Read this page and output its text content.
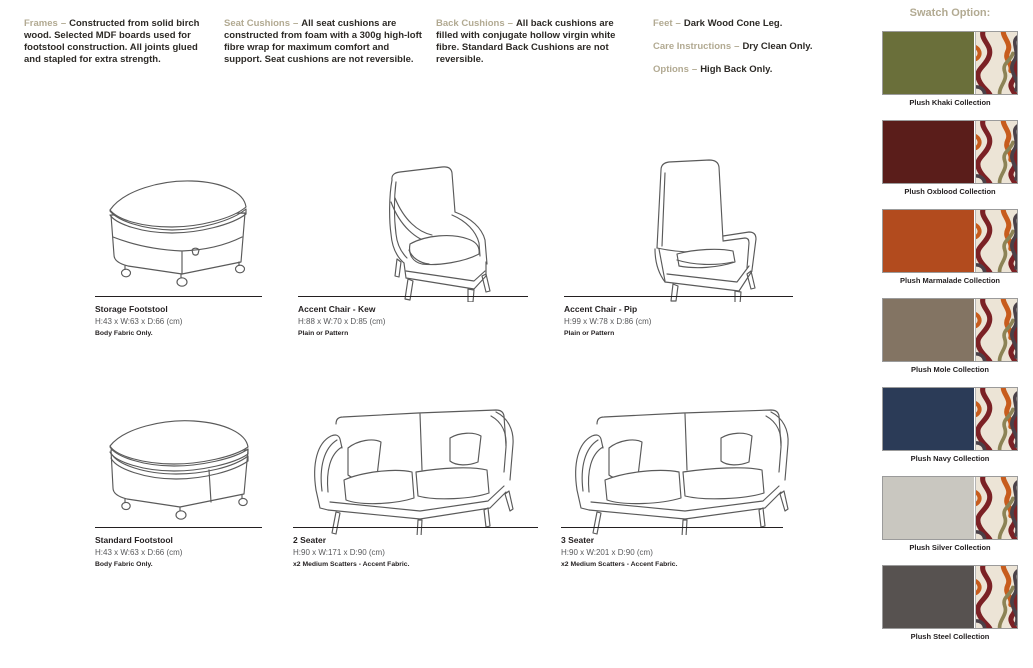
Frames – Constructed from solid birch wood. Selected MDF boards used for footstool construction. All joints glued and stapled for extra strength.
Seat Cushions – All seat cushions are constructed from foam with a 300g high-loft fibre wrap for maximum comfort and support. Seat cushions are not reversible.
Back Cushions – All back cushions are filled with conjugate hollow virgin white fibre. Standard Back Cushions are not reversible.
Feet – Dark Wood Cone Leg.
Care Instructions – Dry Clean Only.
Options – High Back Only.
Storage Footstool
H:43 x W:63 x D:66 (cm)
Body Fabric Only.
Accent Chair - Kew
H:88 x W:70 x D:85 (cm)
Plain or Pattern
Accent Chair - Pip
H:99 x W:78 x D:86 (cm)
Plain or Pattern
Standard Footstool
H:43 x W:63 x D:66 (cm)
Body Fabric Only.
2 Seater
H:90 x W:171 x D:90 (cm)
x2 Medium Scatters - Accent Fabric.
3 Seater
H:90 x W:201 x D:90 (cm)
x2 Medium Scatters - Accent Fabric.
Swatch Option:
Plush Khaki Collection
Plush Oxblood Collection
Plush Marmalade Collection
Plush Mole Collection
Plush Navy Collection
Plush Silver Collection
Plush Steel Collection
